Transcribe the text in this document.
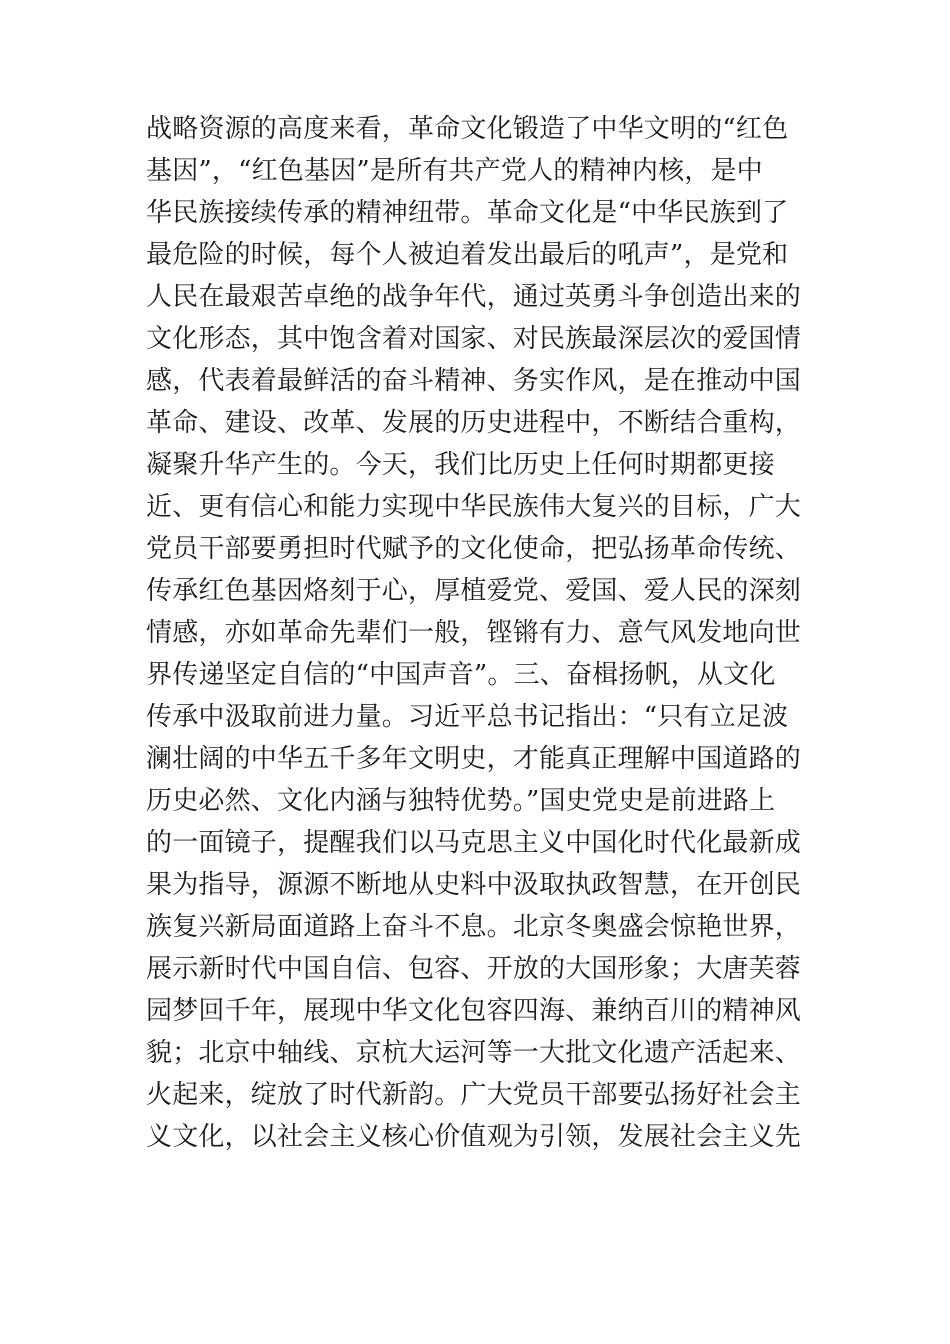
战略资源的高度来看，革命文化锻造了中华文明的“红色
基因”，“红色基因”是所有共产党人的精神内核，是中
华民族接续传承的精神纽带。革命文化是“中华民族到了
最危险的时候，每个人被迫着发出最后的吼声”，是党和
人民在最艰苦卓绝的战争年代，通过英勇斗争创造出来的
文化形态，其中饱含着对国家、对民族最深层次的爱国情
感，代表着最鲜活的奋斗精神、务实作风，是在推动中国
革命、建设、改革、发展的历史进程中，不断结合重构，
凝聚升华产生的。今天，我们比历史上任何时期都更接
近、更有信心和能力实现中华民族伟大复兴的目标，广大
党员干部要勇担时代赋予的文化使命，把弘扬革命传统、
传承红色基因烙刻于心，厚植爱党、爱国、爱人民的深刻
情感，亦如革命先辈们一般，铿锵有力、意气风发地向世
界传递坚定自信的“中国声音”。三、奋楫扬帆，从文化
传承中汲取前进力量。习近平总书记指出：“只有立足波
澜壮阔的中华五千多年文明史，才能真正理解中国道路的
历史必然、文化内涵与独特优势。”国史党史是前进路上
的一面镜子，提醒我们以马克思主义中国化时代化最新成
果为指导，源源不断地从史料中汲取执政智慧，在开创民
族复兴新局面道路上奋斗不息。北京冬奥盛会惊艳世界，
展示新时代中国自信、包容、开放的大国形象；大唐芙蓉
园梦回千年，展现中华文化包容四海、兼纳百川的精神风
貌；北京中轴线、京杭大运河等一大批文化遗产活起来、
火起来，绽放了时代新韵。广大党员干部要弘扬好社会主
义文化，以社会主义核心价值观为引领，发展社会主义先
